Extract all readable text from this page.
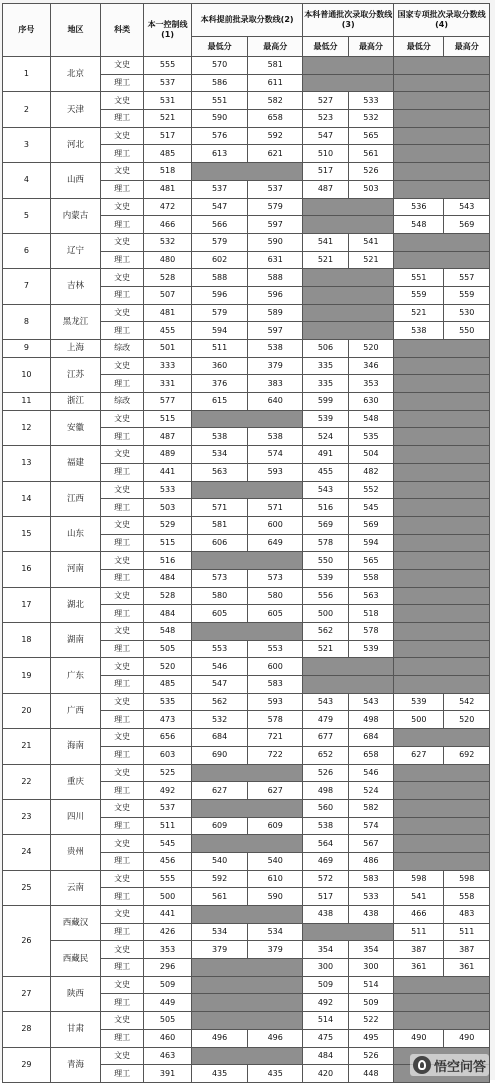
序号	地区	科类	本一控制线(1)	本科提前批录取分数线(2)		本科普通批次录取分数线(3)		国家专项批次录取分数线(4)	
				最低分	最高分	最低分	最高分	最低分	最高分
1	北京	文史	555	570	581				
		理工	537	586	611				
2	天津	文史	531	551	582	527	533		
		理工	521	590	658	523	532		
3	河北	文史	517	576	592	547	565		
		理工	485	613	621	510	561		
4	山西	文史	518			517	526		
		理工	481	537	537	487	503		
5	内蒙古	文史	472	547	579			536	543
		理工	466	566	597			548	569
6	辽宁	文史	532	579	590	541	541		
		理工	480	602	631	521	521		
7	吉林	文史	528	588	588			551	557
		理工	507	596	596			559	559
8	黑龙江	文史	481	579	589			521	530
		理工	455	594	597			538	550
9	上海	综改	501	511	538	506	520		
10	江苏	文史	333	360	379	335	346		
		理工	331	376	383	335	353		
11	浙江	综改	577	615	640	599	630		
12	安徽	文史	515			539	548		
		理工	487	538	538	524	535		
13	福建	文史	489	534	574	491	504		
		理工	441	563	593	455	482		
14	江西	文史	533			543	552		
		理工	503	571	571	516	545		
15	山东	文史	529	581	600	569	569		
		理工	515	606	649	578	594		
16	河南	文史	516			550	565		
		理工	484	573	573	539	558		
17	湖北	文史	528	580	580	556	563		
		理工	484	605	605	500	518		
18	湖南	文史	548			562	578		
		理工	505	553	553	521	539		
19	广东	文史	520	546	600				
		理工	485	547	583				
20	广西	文史	535	562	593	543	543	539	542
		理工	473	532	578	479	498	500	520
21	海南	文史	656	684	721	677	684		
		理工	603	690	722	652	658	627	692
22	重庆	文史	525			526	546		
		理工	492	627	627	498	524		
23	四川	文史	537			560	582		
		理工	511	609	609	538	574		
24	贵州	文史	545			564	567		
		理工	456	540	540	469	486		
25	云南	文史	555	592	610	572	583	598	598
		理工	500	561	590	517	533	541	558
26	西藏汉	文史	441			438	438	466	483
		理工	426	534	534			511	511
	西藏民	文史	353	379	379	354	354	387	387
		理工	296			300	300	361	361
27	陕西	文史	509			509	514		
		理工	449			492	509		
28	甘肃	文史	505			514	522		
		理工	460	496	496	475	495	490	490
29	青海	文史	463			484	526		
		理工	391	435	435	420	448			悟空问答
